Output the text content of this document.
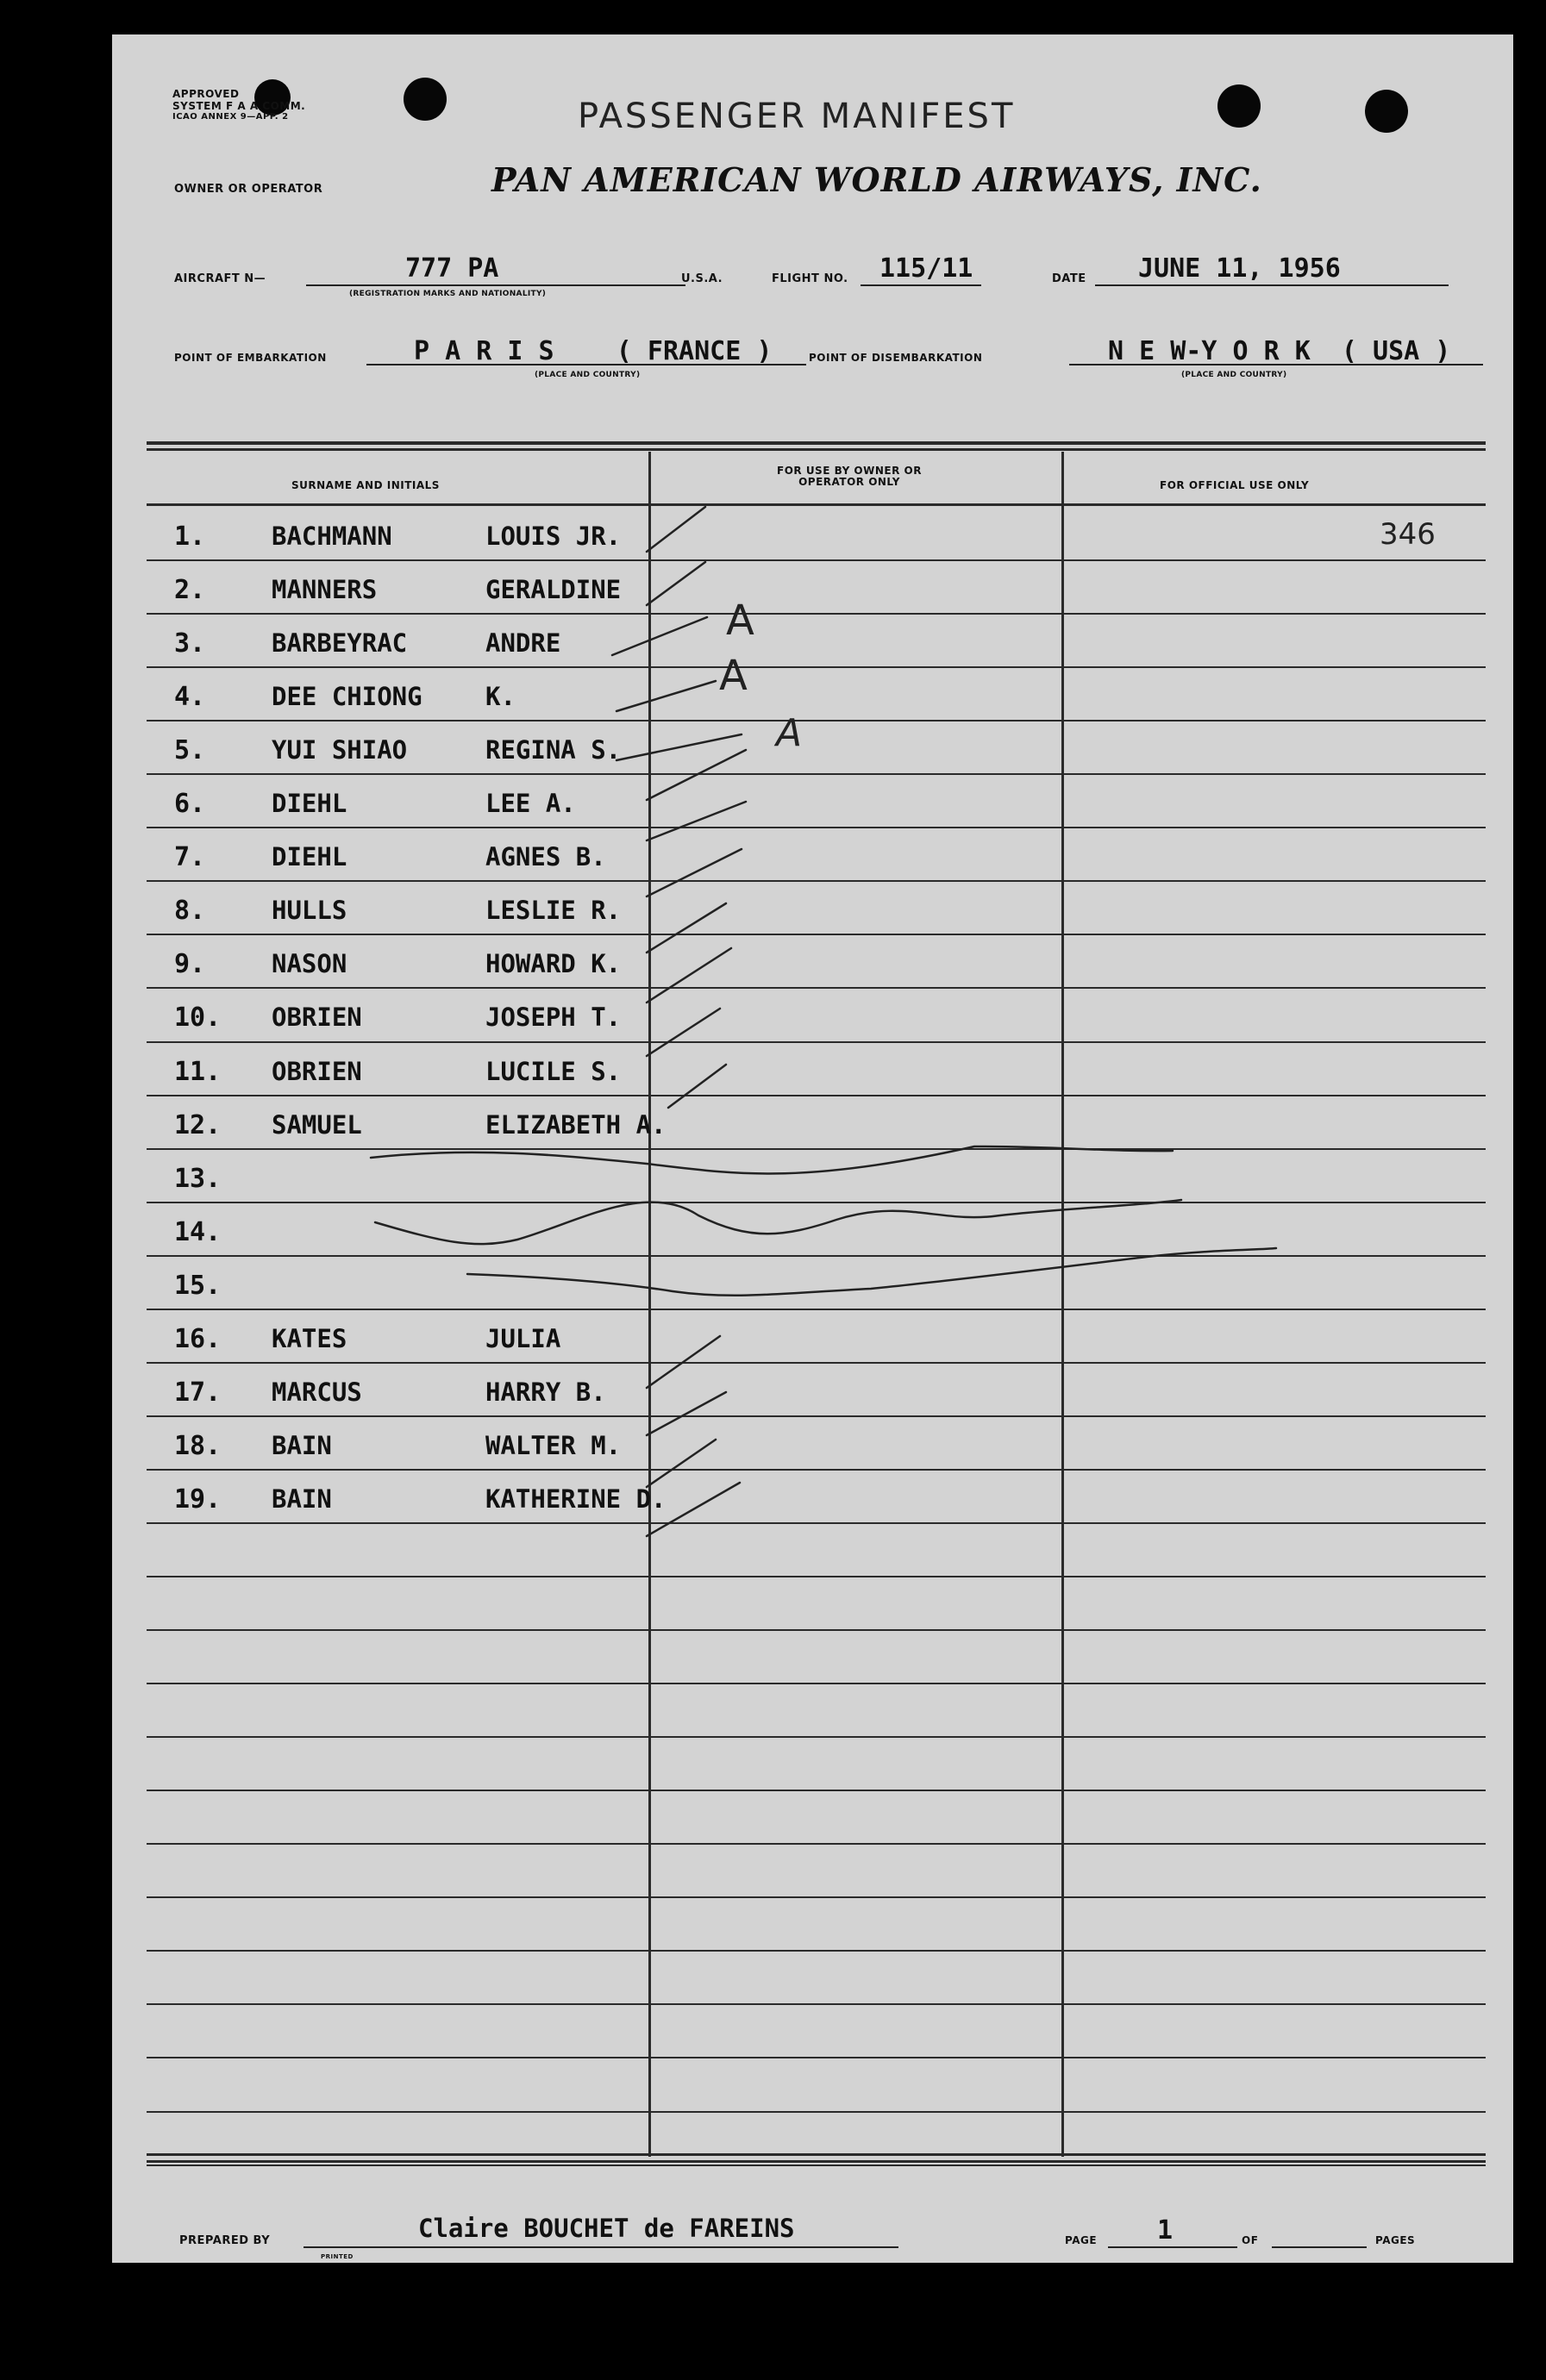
APPROVED
SYSTEM F A A COMM.
ICAO ANNEX 9—APP. 2	PASSENGER MANIFEST
OWNER OR OPERATOR	PAN AMERICAN WORLD AIRWAYS, INC.
AIRCRAFT N—	777 PA
(REGISTRATION MARKS AND NATIONALITY)
U.S.A.	FLIGHT NO. 115/11	DATE JUNE 11, 1956
POINT OF EMBARKATION	P A R I S    ( FRANCE )
(PLACE AND COUNTRY)
POINT OF DISEMBARKATION	N E W-Y O R K  ( USA )
(PLACE AND COUNTRY)
SURNAME AND INITIALS
FOR USE BY OWNER OR OPERATOR ONLY	FOR OFFICIAL USE ONLY
1.	BACHMANN	LOUIS JR.
2.	MANNERS	GERALDINE
3.	BARBEYRAC	ANDRE
4.	DEE CHIONG	K.
5.	YUI SHIAO	REGINA S.
6.	DIEHL	LEE A.
7.	DIEHL	AGNES B.
8.	HULLS	LESLIE R.
9.	NASON	HOWARD K.
10. OBRIEN	JOSEPH T.
11. OBRIEN	LUCILE S.
12. SAMUEL	ELIZABETH A.
13.
14.
15.
16. KATES	JULIA
17. MARCUS	HARRY B.
18. BAIN	WALTER M.
19. BAIN	KATHERINE D.
346
A
A
A
PREPARED BY	Claire BOUCHET de FAREINS	PAGE 1	OF	PAGES
PRINTED
